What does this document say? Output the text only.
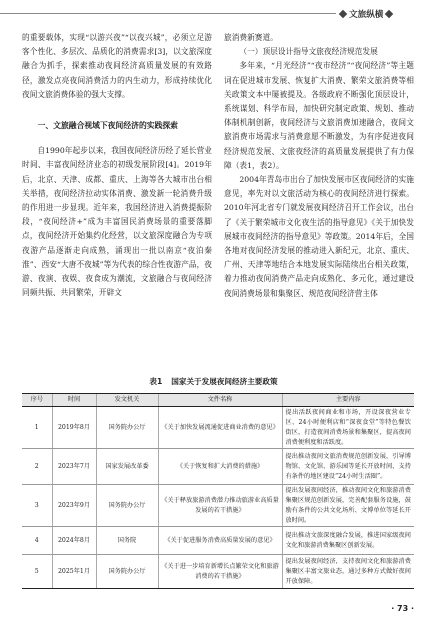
文旅纵横

的重要载体，实现“以游兴夜”“以夜兴城”，必须立足游客个性化、多层次、品质化的消费需求[3]，以文旅深度融合为抓手，探索推动夜间经济高质量发展的有效路径，激发点亮夜间消费活力的内生动力，形成持续优化夜间文旅消费体验的强大支撑。

一、文旅融合视域下夜间经济的实践探索

自1990年起步以来，我国夜间经济历经了延长营业时间、丰富夜间经济业态的初级发展阶段[4]。2019年后，北京、天津、成都、重庆、上海等各大城市出台相关举措，夜间经济拉动实体消费、激发新一轮消费升级的作用进一步显现。近年来，我国经济进入消费提振阶段，“夜间经济+”成为丰富国民消费场景的重要落脚点，夜间经济开始集约化经营，以文旅深度融合为专项夜游产品逐渐走向成熟，涌现出一批以南京“夜泊秦淮”、西安“大唐不夜城”等为代表的综合性夜游产品，夜游、夜演、夜娱、夜食成为潮流，文旅融合与夜间经济同频共振、共同繁荣，开辟文

旅消费新赛道。

（一）顶层设计指导文旅夜经济规范发展

多年来，“月光经济”“夜市经济”“夜间经济”等主题词在促进城市发展、恢复扩大消费、繁荣文旅消费等相关政策文本中屡被提及。各级政府不断强化顶层设计，系统谋划、科学布局，加快研究制定政策、规划、推动体制机制创新，夜间经济与文旅消费加速融合，夜间文旅消费市场需求与消费意愿不断激发，为有序促进夜间经济规范发展、文旅夜经济的高质量发展提供了有力保障（表1，表2）。

2004年青岛市出台了加快发展市区夜间经济的实施意见，率先对以文旅活动为核心的夜间经济进行探索。2010年河北省专门就发展夜间经济召开工作会议，出台了《关于繁荣城市文化夜生活的指导意见》《关于加快发展城市夜间经济的指导意见》等政策。2014年后，全国各地对夜间经济发展的推动进入新纪元，北京、重庆、广州、天津等地结合本地发展实际陆续出台相关政策，着力推动夜间消费产品走向成熟化、多元化，通过建设夜间消费场景和集聚区、规范夜间经济营主体

表1 国家关于发展夜间经济主要政策
序号	时间	发文机关	文件名称	主要内容
1	2019年8月	国务院办公厅	《关于加快发展流通促进商业消费的意见》	提出活跃夜间商业和市场，开设深夜营业专区、24小时便利店和“深夜食堂”等特色餐饮街区，打造夜间消费场景和集聚区，提高夜间消费便利度和活跃度。
2	2023年7月	国家发展改革委	《关于恢复和扩大消费的措施》	提出推动夜间文旅消费规范创新发展，引导博物馆、文化馆、游乐园等延长开放时间，支持有条件的地区建设“24小时生活圈”。
3	2023年9月	国务院办公厅	《关于释放旅游消费潜力推动旅游业高质量发展的若干措施》	提出发展夜间经济，推动夜间文化和旅游消费集聚区规范创新发展，完善配套服务设施，鼓励有条件的公共文化场所、文博单位等延长开放时间。
4	2024年8月	国务院	《关于促进服务消费高质量发展的意见》	提出推动文旅深度融合发展，推进国家级夜间文化和旅游消费集聚区创新发展。
5	2025年1月	国务院办公厅	《关于进一步培育新增长点繁荣文化和旅游消费的若干措施》	提出发展夜间经济，支持夜间文化和旅游消费集聚区丰富文旅业态，通过多种方式做好夜间开放保障。
· 73 ·
